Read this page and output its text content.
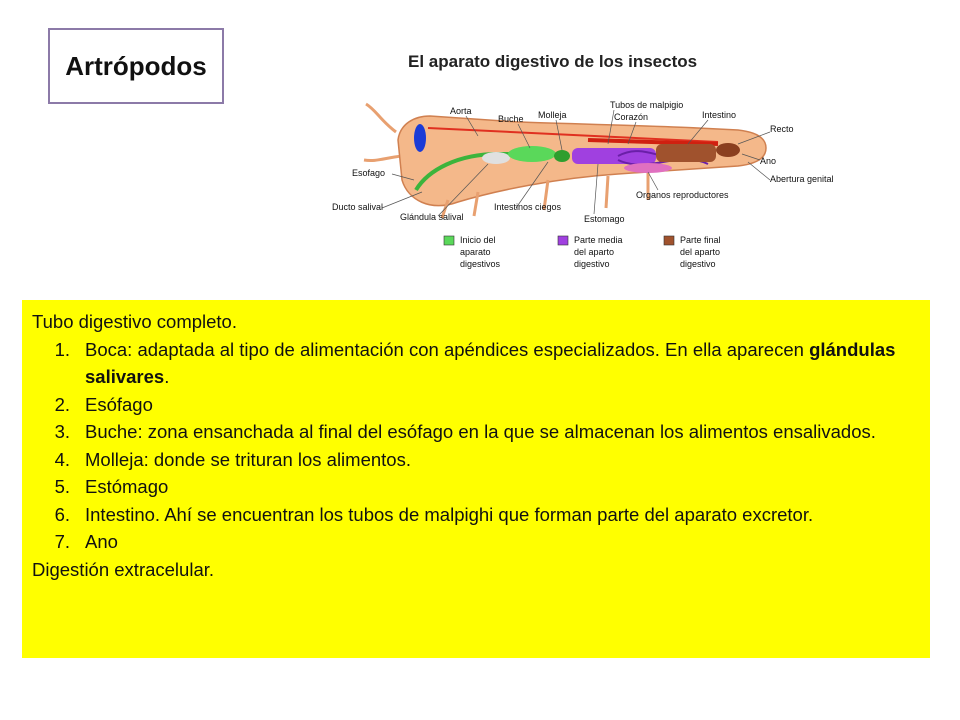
Artrópodos	El aparato digestivo de los insectos
Aorta
Buche Molleja
Tubos de malpigio
Corazón	Intestino
Recto
Ano
Abertura genital
Esofago
Ducto salival
Glándula salival
Intestinos ciegos
Estomago
Organos reproductores
Inicio del
aparato
digestivos
Parte media
del aparto
digestivo
Parte final
del aparto
digestivo

Tubo digestivo completo.

1. Boca: adaptada al tipo de alimentación con apéndices especializados. En ella aparecen glándulas salivares.
2. Esófago
3. Buche: zona ensanchada al final del esófago en la que se almacenan los alimentos ensalivados.
4. Molleja: donde se trituran los alimentos.
5. Estómago
6. Intestino. Ahí se encuentran los tubos de malpighi que forman parte del aparato excretor.
7. Ano

Digestión extracelular.
